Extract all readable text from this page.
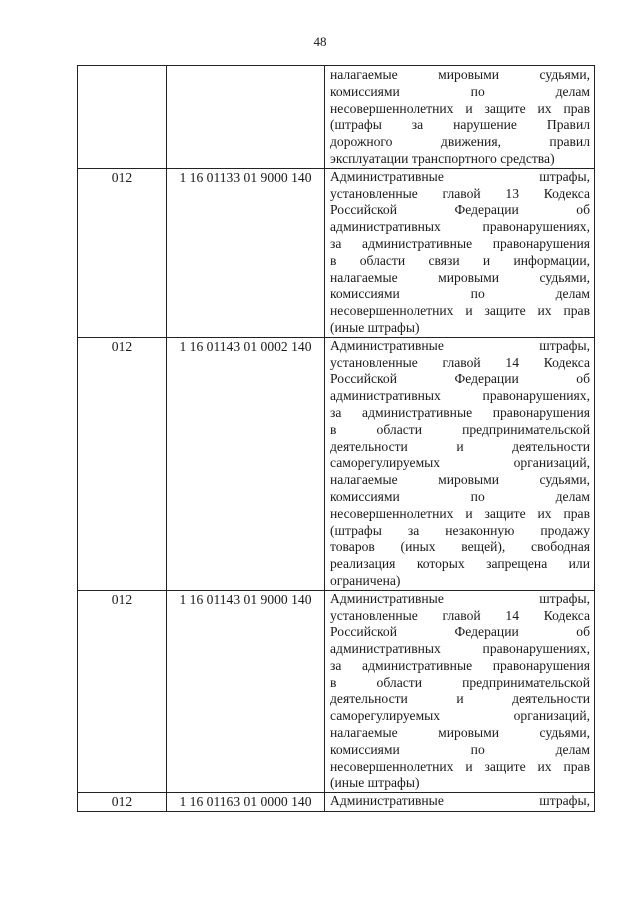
48
налагаемые мировыми судьями,
комиссиями по делам
несовершеннолетних и защите их прав
(штрафы за нарушение Правил
дорожного движения, правил
эксплуатации транспортного средства)
012	1 16 01133 01 9000 140	Административные штрафы,
установленные главой 13 Кодекса
Российской Федерации об
административных правонарушениях,
за административные правонарушения
в области связи и информации,
налагаемые мировыми судьями,
комиссиями по делам
несовершеннолетних и защите их прав
(иные штрафы)
012	1 16 01143 01 0002 140	Административные штрафы,
установленные главой 14 Кодекса
Российской Федерации об
административных правонарушениях,
за административные правонарушения
в области предпринимательской
деятельности и деятельности
саморегулируемых организаций,
налагаемые мировыми судьями,
комиссиями по делам
несовершеннолетних и защите их прав
(штрафы за незаконную продажу
товаров (иных вещей), свободная
реализация которых запрещена или
ограничена)
012	1 16 01143 01 9000 140	Административные штрафы,
установленные главой 14 Кодекса
Российской Федерации об
административных правонарушениях,
за административные правонарушения
в области предпринимательской
деятельности и деятельности
саморегулируемых организаций,
налагаемые мировыми судьями,
комиссиями по делам
несовершеннолетних и защите их прав
(иные штрафы)
012	1 16 01163 01 0000 140	Административные штрафы,
